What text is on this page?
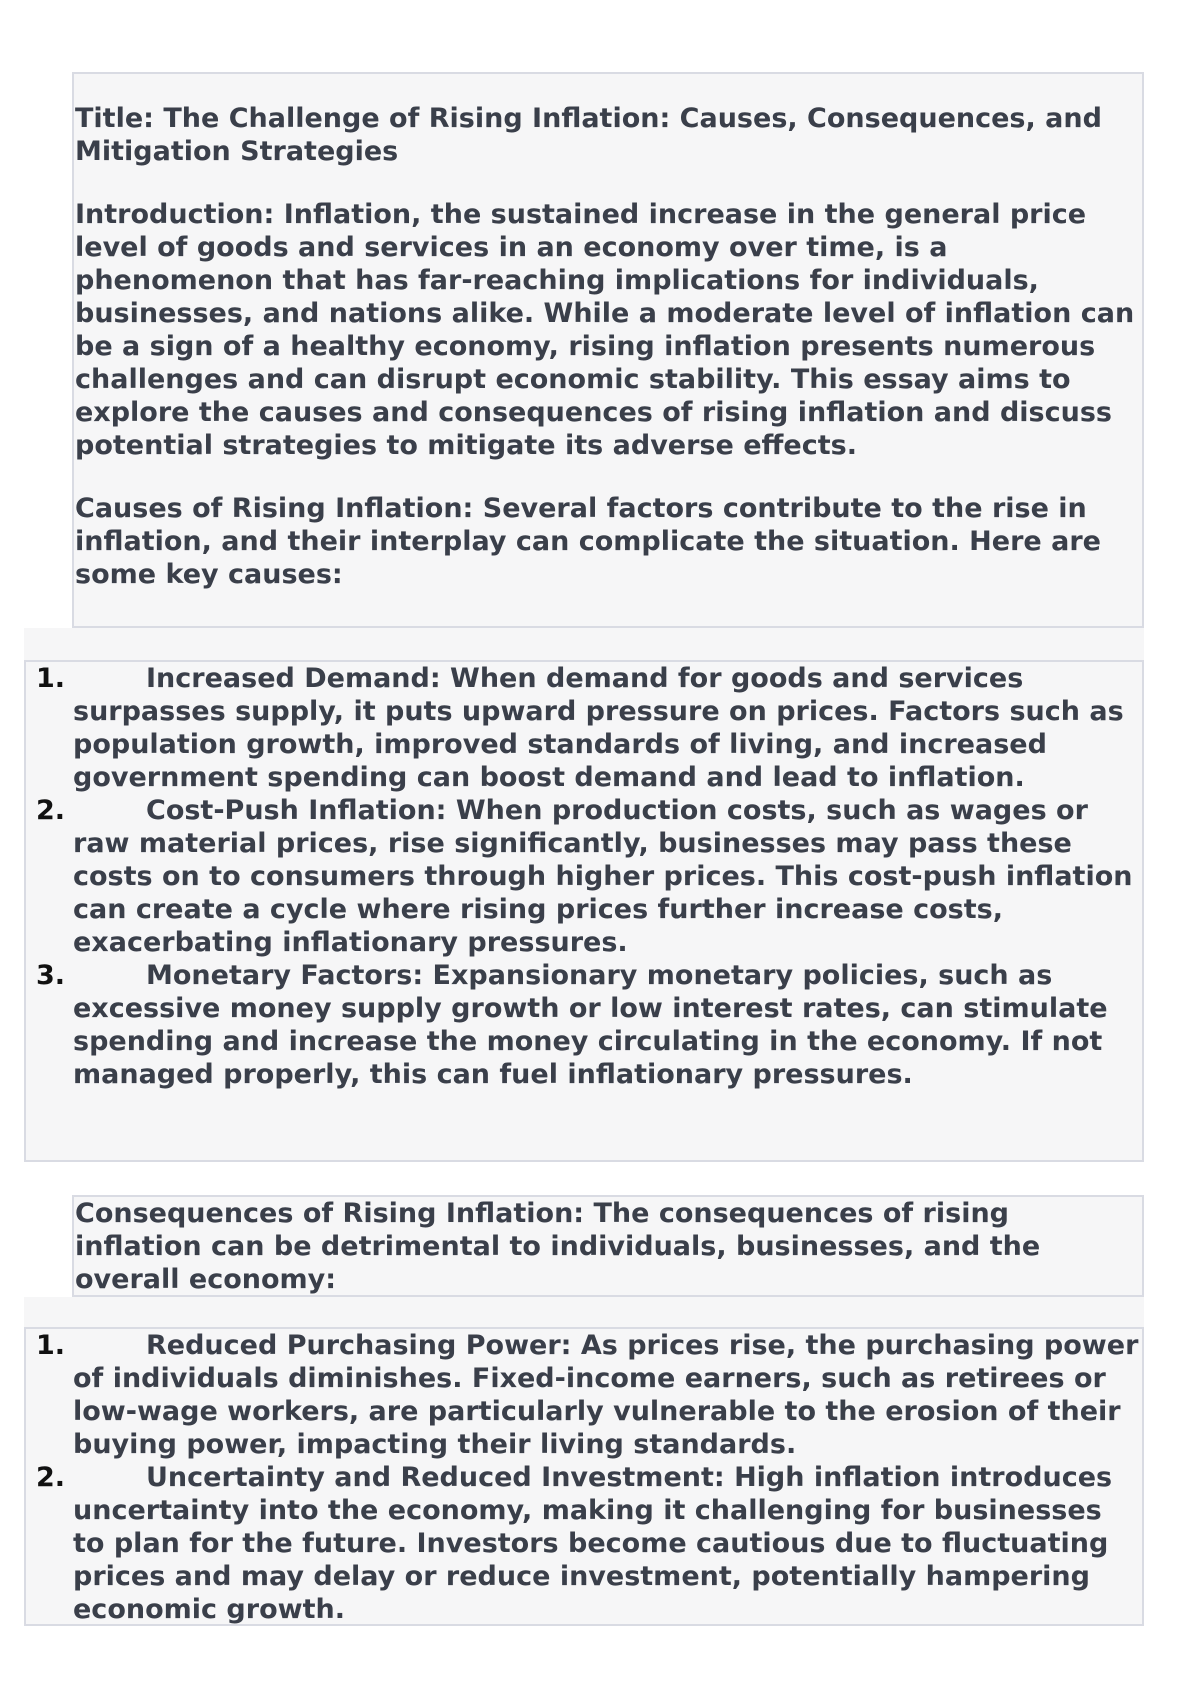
Title: The Challenge of Rising Inflation: Causes, Consequences, and Mitigation Strategies

Introduction: Inflation, the sustained increase in the general price level of goods and services in an economy over time, is a phenomenon that has far-reaching implications for individuals, businesses, and nations alike. While a moderate level of inflation can be a sign of a healthy economy, rising inflation presents numerous challenges and can disrupt economic stability. This essay aims to explore the causes and consequences of rising inflation and discuss potential strategies to mitigate its adverse effects.

Causes of Rising Inflation: Several factors contribute to the rise in inflation, and their interplay can complicate the situation. Here are some key causes:

1.	Increased Demand: When demand for goods and services surpasses supply, it puts upward pressure on prices. Factors such as population growth, improved standards of living, and increased government spending can boost demand and lead to inflation.
2.	Cost-Push Inflation: When production costs, such as wages or raw material prices, rise significantly, businesses may pass these costs on to consumers through higher prices. This cost-push inflation can create a cycle where rising prices further increase costs, exacerbating inflationary pressures.
3.	Monetary Factors: Expansionary monetary policies, such as excessive money supply growth or low interest rates, can stimulate spending and increase the money circulating in the economy. If not managed properly, this can fuel inflationary pressures.

Consequences of Rising Inflation: The consequences of rising inflation can be detrimental to individuals, businesses, and the overall economy:

1.	Reduced Purchasing Power: As prices rise, the purchasing power of individuals diminishes. Fixed-income earners, such as retirees or low-wage workers, are particularly vulnerable to the erosion of their buying power, impacting their living standards.
2.	Uncertainty and Reduced Investment: High inflation introduces uncertainty into the economy, making it challenging for businesses to plan for the future. Investors become cautious due to fluctuating prices and may delay or reduce investment, potentially hampering economic growth.
